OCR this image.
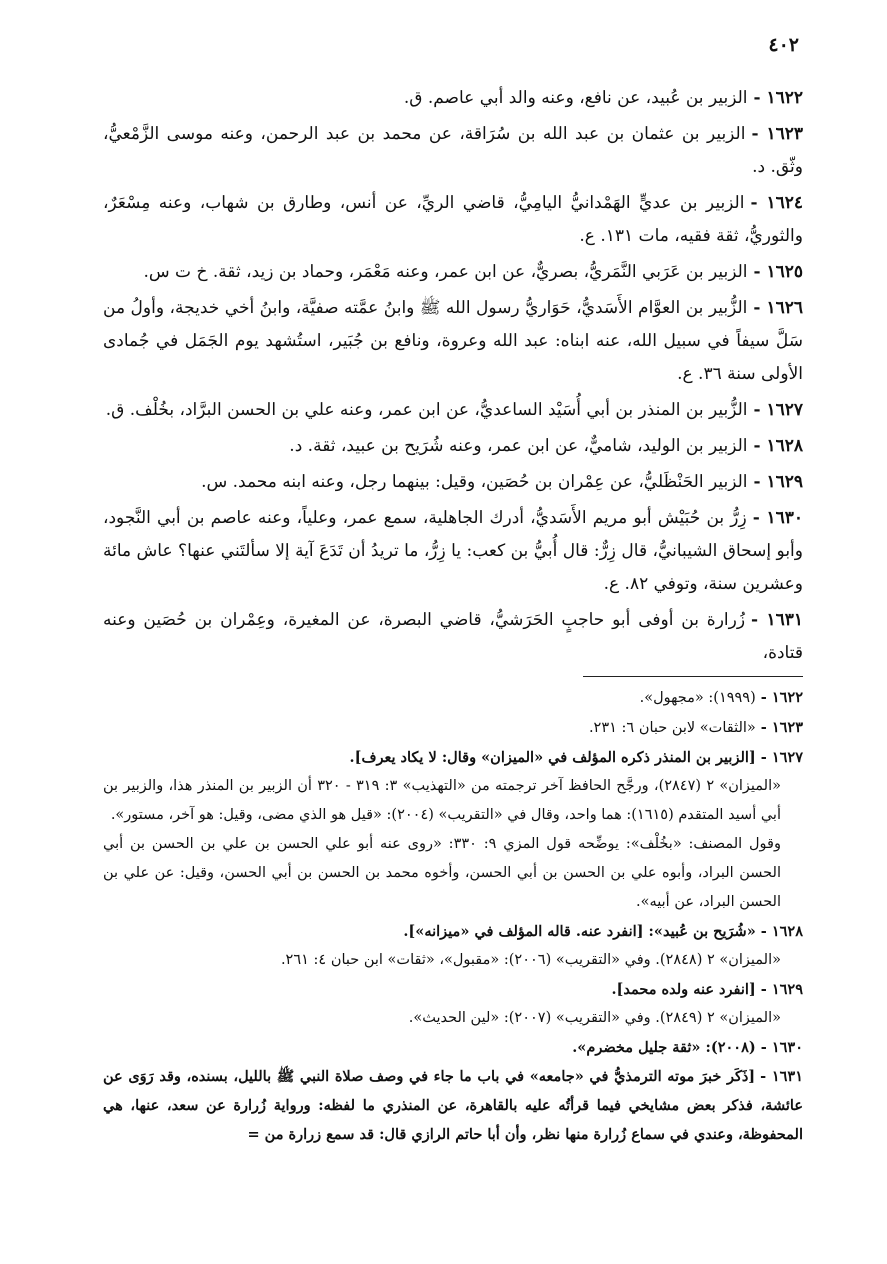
٤٠٢

١٦٢٢ -الزبير بن عُبيد، عن نافع، وعنه والد أبي عاصم. ق.

١٦٢٣ -الزبير بن عثمان بن عبد الله بن سُرَاقة، عن محمد بن عبد الرحمن، وعنه موسى الزَّمْعيُّ، وثّق. د.

١٦٢٤ -الزبير بن عديٍّ الهَمْدانيُّ اليامِيُّ، قاضي الريِّ، عن أنس، وطارق بن شهاب، وعنه مِسْعَرٌ، والثوريُّ، ثقة فقيه، مات ١٣١. ع.

١٦٢٥ -الزبير بن عَرَبي النَّمَريُّ، بصريٌّ، عن ابن عمر، وعنه مَعْمَر، وحماد بن زيد، ثقة. خ ت س.

١٦٢٦ -الزُّبير بن العوَّام الأَسَديُّ، حَوَاريُّ رسول الله ﷺ وابنُ عمَّته صفيَّة، وابنُ أخي خديجة، وأولُ من سَلَّ سيفاً في سبيل الله، عنه ابناه: عبد الله وعروة، ونافع بن جُبَير، استُشهد يوم الجَمَل في جُمادى الأولى سنة ٣٦. ع.

١٦٢٧ -الزُّبير بن المنذر بن أبي أُسَيْد الساعديُّ، عن ابن عمر، وعنه علي بن الحسن البرَّاد، بخُلْف. ق.

١٦٢٨ -الزبير بن الوليد، شاميٌّ، عن ابن عمر، وعنه شُرَيح بن عبيد، ثقة. د.

١٦٢٩ -الزبير الحَنْظَليُّ، عن عِمْران بن حُصَين، وقيل: بينهما رجل، وعنه ابنه محمد. س.

١٦٣٠ -زِرُّ بن حُبَيْش أبو مريم الأَسَديُّ، أدرك الجاهلية، سمع عمر، وعلياً، وعنه عاصم بن أبي النَّجود، وأبو إسحاق الشيبانيُّ، قال زِرٌّ: قال أُبيُّ بن كعب: يا زِرُّ، ما تريدُ أن تَدَعَ آية إلا سألتَني عنها؟ عاش مائة وعشرين سنة، وتوفي ٨٢. ع.

١٦٣١ -زُرارة بن أوفى أبو حاجبٍ الحَرَشيُّ، قاضي البصرة، عن المغيرة، وعِمْران بن حُصَين وعنه قتادة،

١٦٢٢ -(١٩٩٩): «مجهول».

١٦٢٣ -«الثقات» لابن حبان ٦: ٢٣١.

١٦٢٧ -[الزبير بن المنذر ذكره المؤلف في «الميزان» وقال: لا يكاد يعرف].

«الميزان» ٢ (٢٨٤٧)، ورجَّح الحافظ آخر ترجمته من «التهذيب» ٣: ٣١٩ - ٣٢٠ أن الزبير بن المنذر هذا، والزبير بن أبي أسيد المتقدم (١٦١٥): هما واحد، وقال في «التقريب» (٢٠٠٤): «قيل هو الذي مضى، وقيل: هو آخر، مستور».

وقول المصنف: «بخُلْف»: يوضِّحه قول المزي ٩: ٣٣٠: «روى عنه أبو علي الحسن بن علي بن الحسن بن أبي الحسن البراد، وأبوه علي بن الحسن بن أبي الحسن، وأخوه محمد بن الحسن بن أبي الحسن، وقيل: عن علي بن الحسن البراد، عن أبيه».

١٦٢٨ -«شُرَيح بن عُبيد»: [انفرد عنه. قاله المؤلف في «ميزانه»].

«الميزان» ٢ (٢٨٤٨). وفي «التقريب» (٢٠٠٦): «مقبول»، «ثقات» ابن حبان ٤: ٢٦١.

١٦٢٩ -[انفرد عنه ولده محمد].

«الميزان» ٢ (٢٨٤٩). وفي «التقريب» (٢٠٠٧): «لين الحديث».

١٦٣٠ -(٢٠٠٨): «ثقة جليل مخضرم».

١٦٣١ -[ذَكَر خبرَ موته الترمذيُّ في «جامعه» في باب ما جاء في وصف صلاة النبي ﷺ بالليل، بسنده، وقد رَوَى عن عائشة، فذكر بعض مشايخي فيما قرأتُه عليه بالقاهرة، عن المنذري ما لفظه: ورواية زُرارة عن سعد، عنها، هي المحفوظة، وعندي في سماع زُرارة منها نظر، وأن أبا حاتم الرازي قال: قد سمع زرارة من =
